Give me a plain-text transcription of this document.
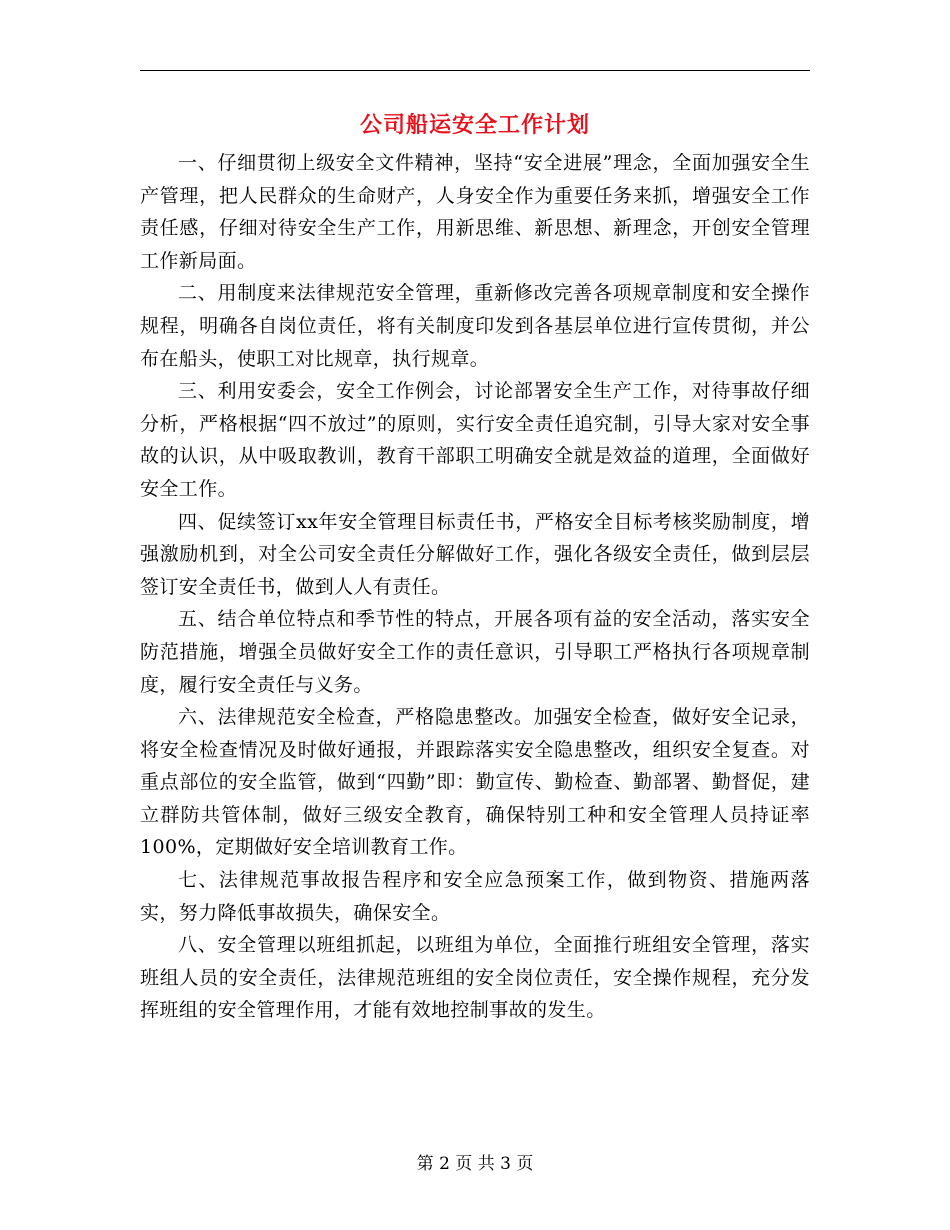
公司船运安全工作计划

一、仔细贯彻上级安全文件精神，坚持“安全进展”理念，全面加强安全生产管理，把人民群众的生命财产，人身安全作为重要任务来抓，增强安全工作责任感，仔细对待安全生产工作，用新思维、新思想、新理念，开创安全管理工作新局面。

二、用制度来法律规范安全管理，重新修改完善各项规章制度和安全操作规程，明确各自岗位责任，将有关制度印发到各基层单位进行宣传贯彻，并公布在船头，使职工对比规章，执行规章。

三、利用安委会，安全工作例会，讨论部署安全生产工作，对待事故仔细分析，严格根据“四不放过”的原则，实行安全责任追究制，引导大家对安全事故的认识，从中吸取教训，教育干部职工明确安全就是效益的道理，全面做好安全工作。

四、促续签订xx年安全管理目标责任书，严格安全目标考核奖励制度，增强激励机到，对全公司安全责任分解做好工作，强化各级安全责任，做到层层签订安全责任书，做到人人有责任。

五、结合单位特点和季节性的特点，开展各项有益的安全活动，落实安全防范措施，增强全员做好安全工作的责任意识，引导职工严格执行各项规章制度，履行安全责任与义务。

六、法律规范安全检查，严格隐患整改。加强安全检查，做好安全记录，将安全检查情况及时做好通报，并跟踪落实安全隐患整改，组织安全复查。对重点部位的安全监管，做到“四勤”即：勤宣传、勤检查、勤部署、勤督促，建立群防共管体制，做好三级安全教育，确保特别工种和安全管理人员持证率100%，定期做好安全培训教育工作。

七、法律规范事故报告程序和安全应急预案工作，做到物资、措施两落实，努力降低事故损失，确保安全。

八、安全管理以班组抓起，以班组为单位，全面推行班组安全管理，落实班组人员的安全责任，法律规范班组的安全岗位责任，安全操作规程，充分发挥班组的安全管理作用，才能有效地控制事故的发生。

第 2 页 共 3 页
